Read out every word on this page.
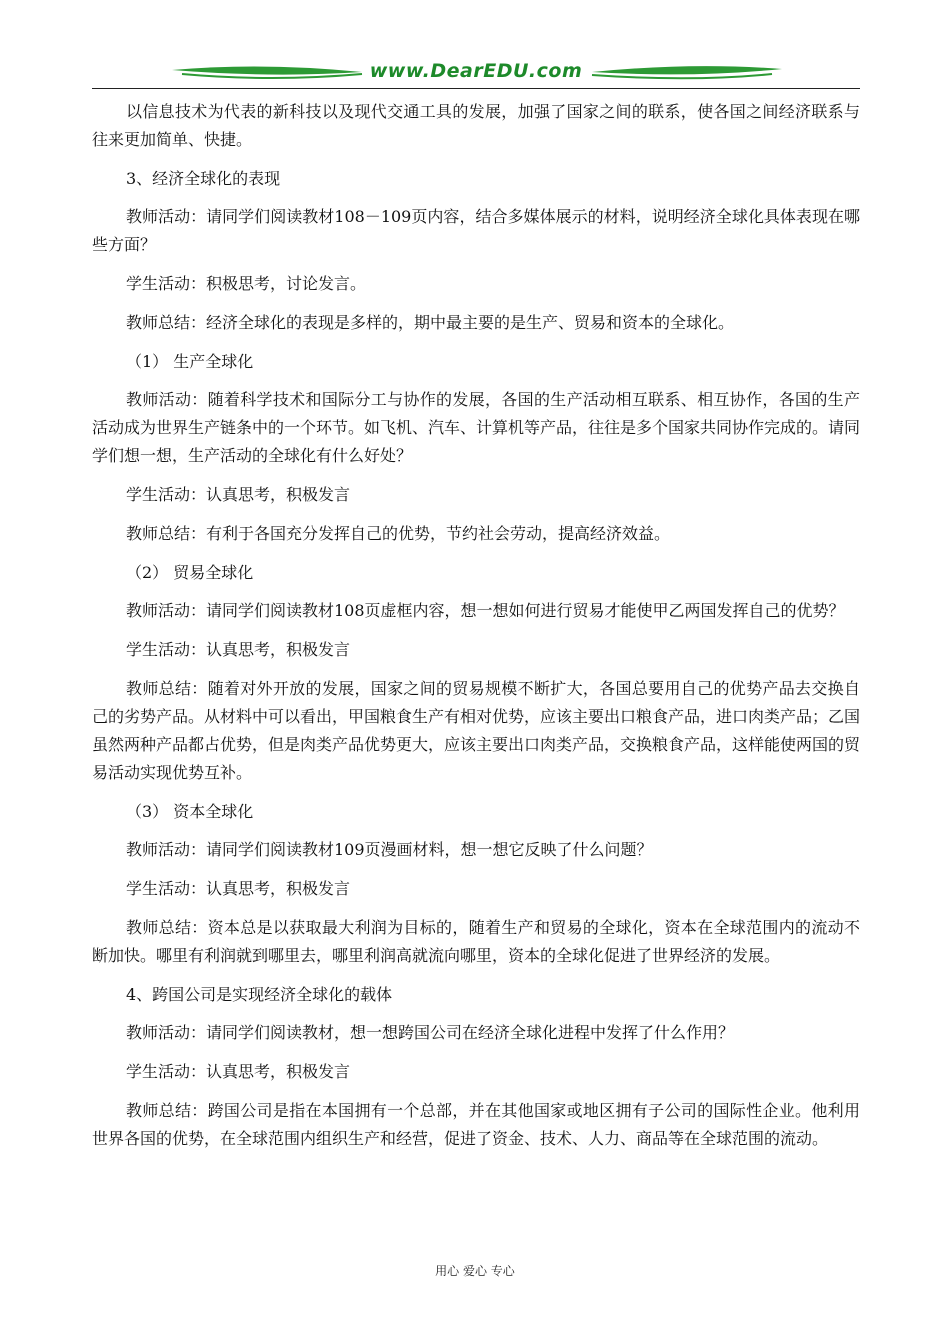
www.DearEDU.com

以信息技术为代表的新科技以及现代交通工具的发展，加强了国家之间的联系，使各国之间经济联系与往来更加简单、快捷。

3、经济全球化的表现

教师活动：请同学们阅读教材108－109页内容，结合多媒体展示的材料，说明经济全球化具体表现在哪些方面？

学生活动：积极思考，讨论发言。

教师总结：经济全球化的表现是多样的，期中最主要的是生产、贸易和资本的全球化。

（1） 生产全球化

教师活动：随着科学技术和国际分工与协作的发展，各国的生产活动相互联系、相互协作，各国的生产活动成为世界生产链条中的一个环节。如飞机、汽车、计算机等产品，往往是多个国家共同协作完成的。请同学们想一想，生产活动的全球化有什么好处？

学生活动：认真思考，积极发言

教师总结：有利于各国充分发挥自己的优势，节约社会劳动，提高经济效益。

（2） 贸易全球化

教师活动：请同学们阅读教材108页虚框内容，想一想如何进行贸易才能使甲乙两国发挥自己的优势？

学生活动：认真思考，积极发言

教师总结：随着对外开放的发展，国家之间的贸易规模不断扩大，各国总要用自己的优势产品去交换自己的劣势产品。从材料中可以看出，甲国粮食生产有相对优势，应该主要出口粮食产品，进口肉类产品；乙国虽然两种产品都占优势，但是肉类产品优势更大，应该主要出口肉类产品，交换粮食产品，这样能使两国的贸易活动实现优势互补。

（3） 资本全球化

教师活动：请同学们阅读教材109页漫画材料，想一想它反映了什么问题？

学生活动：认真思考，积极发言

教师总结：资本总是以获取最大利润为目标的，随着生产和贸易的全球化，资本在全球范围内的流动不断加快。哪里有利润就到哪里去，哪里利润高就流向哪里，资本的全球化促进了世界经济的发展。

4、跨国公司是实现经济全球化的载体

教师活动：请同学们阅读教材，想一想跨国公司在经济全球化进程中发挥了什么作用？

学生活动：认真思考，积极发言

教师总结：跨国公司是指在本国拥有一个总部，并在其他国家或地区拥有子公司的国际性企业。他利用世界各国的优势，在全球范围内组织生产和经营，促进了资金、技术、人力、商品等在全球范围的流动。

用心 爱心 专心
